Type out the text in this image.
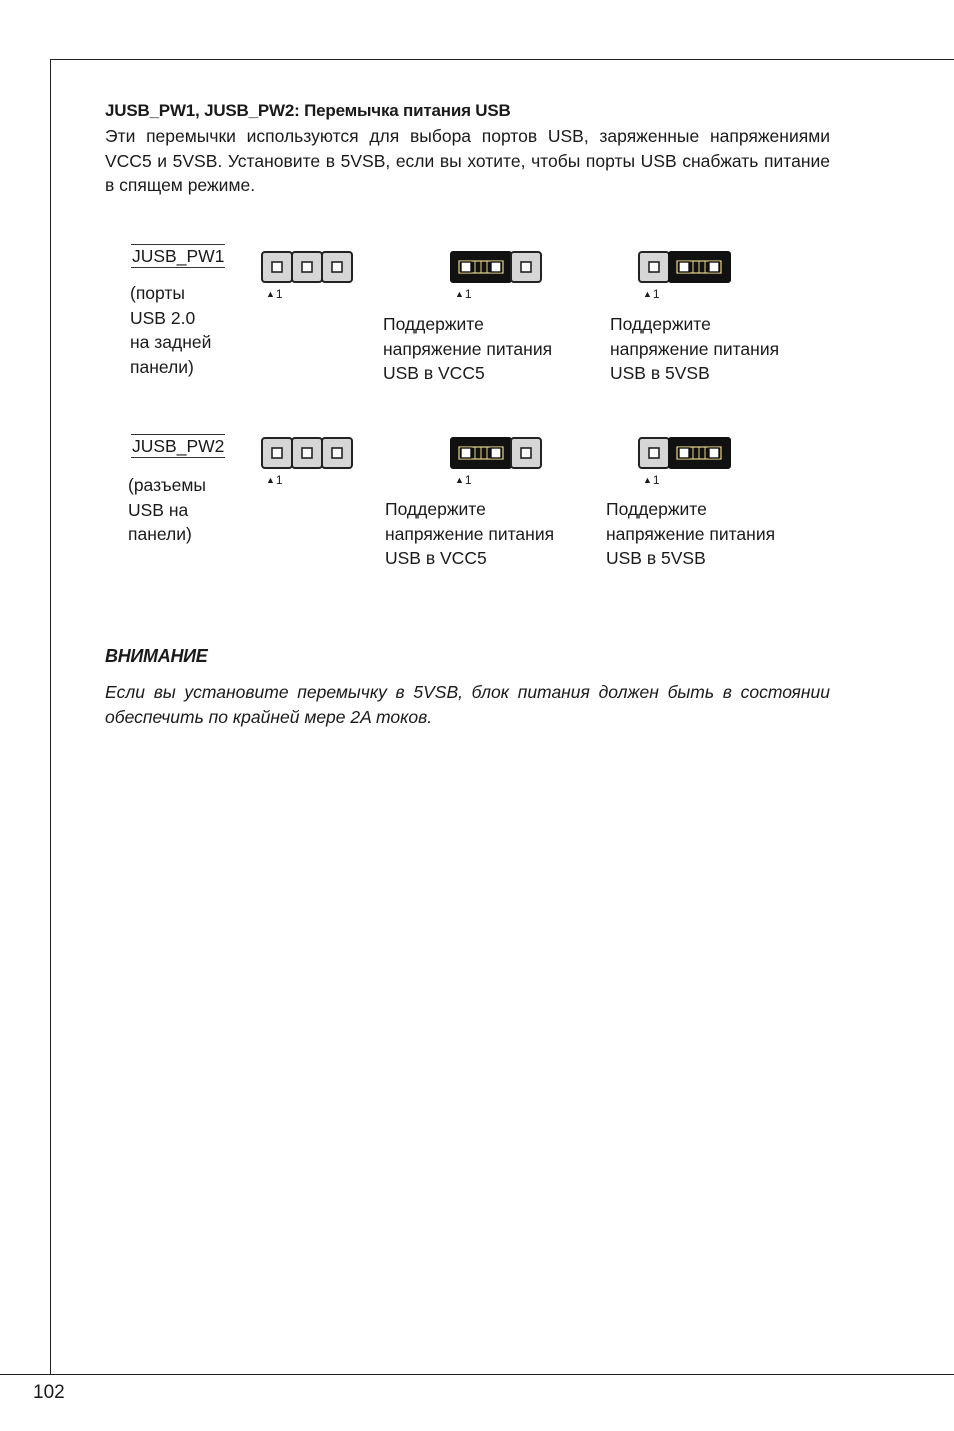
JUSB_PW1, JUSB_PW2: Перемычка питания USB
Эти перемычки используются для выбора портов USB, заряженные напряжениями VCC5 и 5VSB. Установите в 5VSB, если вы хотите, чтобы порты USB снабжать питание в спящем режиме.
JUSB_PW1
(порты
USB 2.0
на задней
панели)
▲1	▲1
Поддержите
напряжение питания
USB в VCC5
▲1
Поддержите
напряжение питания
USB в 5VSB
JUSB_PW2
(разъемы
USB на
панели)
▲1	▲1
Поддержите
напряжение питания
USB в VCC5
▲1
Поддержите
напряжение питания
USB в 5VSB
ВНИМАНИЕ
Если вы установите перемычку в 5VSB, блок питания должен быть в состоянии обеспечить по крайней мере 2A токов.
102
